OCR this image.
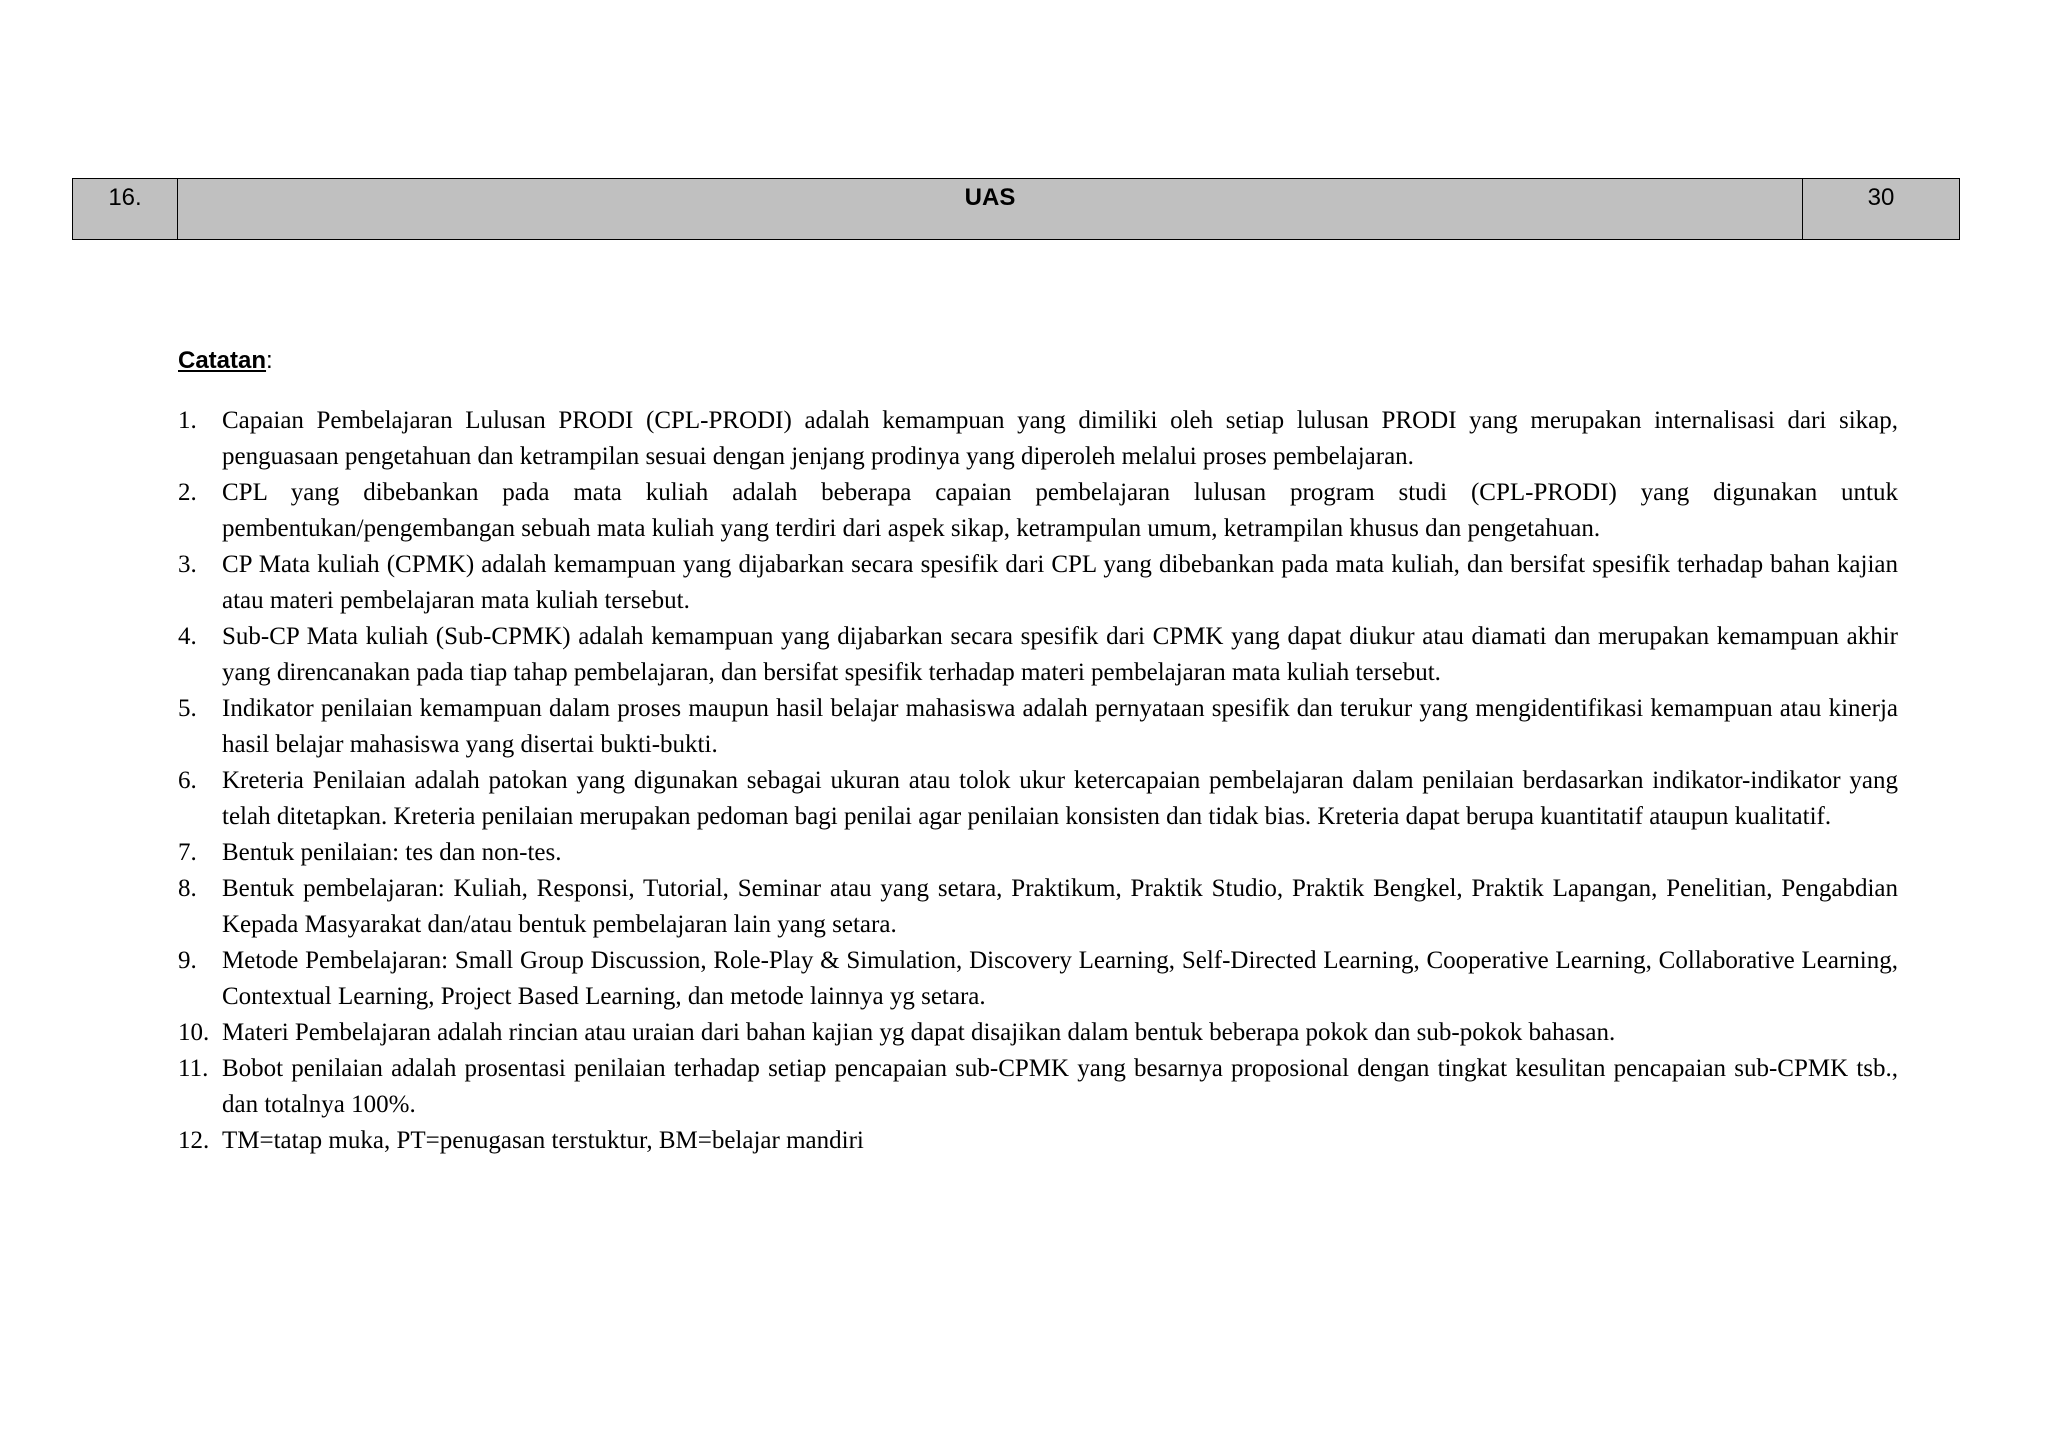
16.	UAS	30

Catatan:

1.	Capaian Pembelajaran Lulusan PRODI (CPL-PRODI) adalah kemampuan yang dimiliki oleh setiap lulusan PRODI yang merupakan internalisasi dari sikap, penguasaan pengetahuan dan ketrampilan sesuai dengan jenjang prodinya yang diperoleh melalui proses pembelajaran.
2.	CPL yang dibebankan pada mata kuliah adalah beberapa capaian pembelajaran lulusan program studi (CPL-PRODI) yang digunakan untuk pembentukan/pengembangan sebuah mata kuliah yang terdiri dari aspek sikap, ketrampulan umum, ketrampilan khusus dan pengetahuan.
3.	CP Mata kuliah (CPMK) adalah kemampuan yang dijabarkan secara spesifik dari CPL yang dibebankan pada mata kuliah, dan bersifat spesifik terhadap bahan kajian atau materi pembelajaran mata kuliah tersebut.
4.	Sub-CP Mata kuliah (Sub-CPMK) adalah kemampuan yang dijabarkan secara spesifik dari CPMK yang dapat diukur atau diamati dan merupakan kemampuan akhir yang direncanakan pada tiap tahap pembelajaran, dan bersifat spesifik terhadap materi pembelajaran mata kuliah tersebut.
5.	Indikator penilaian kemampuan dalam proses maupun hasil belajar mahasiswa adalah pernyataan spesifik dan terukur yang mengidentifikasi kemampuan atau kinerja hasil belajar mahasiswa yang disertai bukti-bukti.
6.	Kreteria Penilaian adalah patokan yang digunakan sebagai ukuran atau tolok ukur ketercapaian pembelajaran dalam penilaian berdasarkan indikator-indikator yang telah ditetapkan. Kreteria penilaian merupakan pedoman bagi penilai agar penilaian konsisten dan tidak bias. Kreteria dapat berupa kuantitatif ataupun kualitatif.
7.	Bentuk penilaian: tes dan non-tes.
8.	Bentuk pembelajaran: Kuliah, Responsi, Tutorial, Seminar atau yang setara, Praktikum, Praktik Studio, Praktik Bengkel, Praktik Lapangan, Penelitian, Pengabdian Kepada Masyarakat dan/atau bentuk pembelajaran lain yang setara.
9.	Metode Pembelajaran: Small Group Discussion, Role-Play & Simulation, Discovery Learning, Self-Directed Learning, Cooperative Learning, Collaborative Learning, Contextual Learning, Project Based Learning, dan metode lainnya yg setara.
10. Materi Pembelajaran adalah rincian atau uraian dari bahan kajian yg dapat disajikan dalam bentuk beberapa pokok dan sub-pokok bahasan.
11. Bobot penilaian adalah prosentasi penilaian terhadap setiap pencapaian sub-CPMK yang besarnya proposional dengan tingkat kesulitan pencapaian sub-CPMK tsb., dan totalnya 100%.
12. TM=tatap muka, PT=penugasan terstuktur, BM=belajar mandiri
